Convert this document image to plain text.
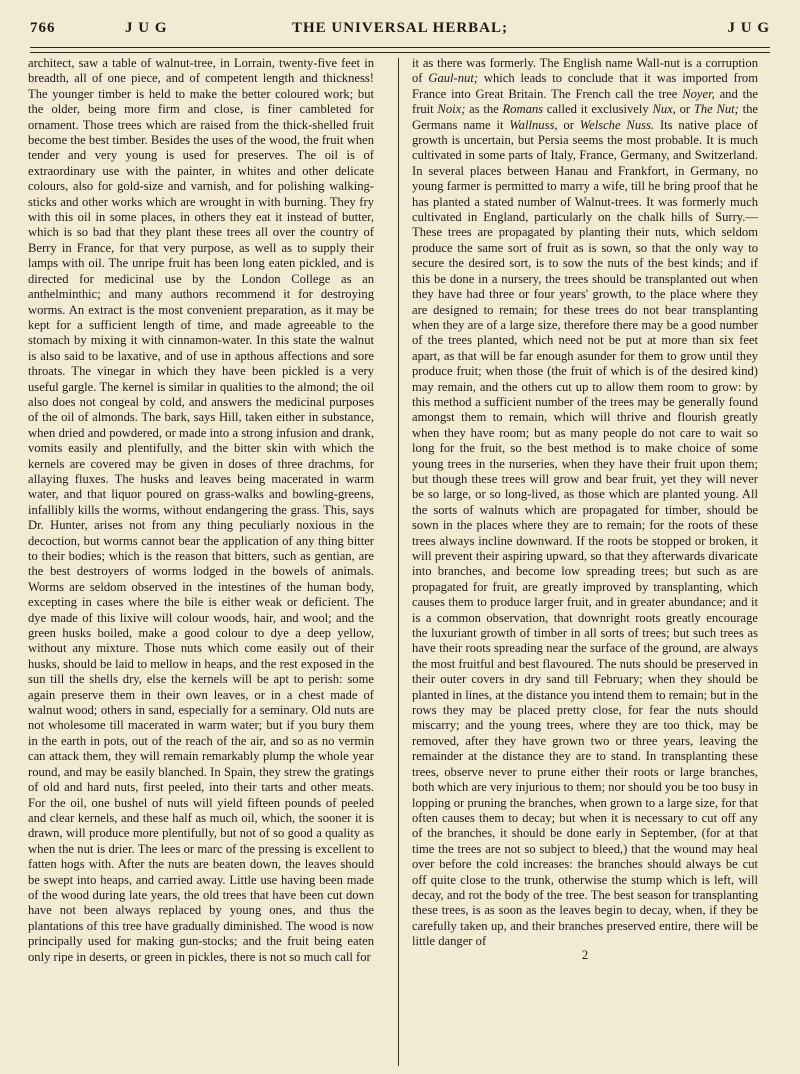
766	J U G	THE UNIVERSAL HERBAL;	J U G

architect, saw a table of walnut-tree, in Lorrain, twenty-five feet in breadth, all of one piece, and of competent length and thickness! The younger timber is held to make the better coloured work; but the older, being more firm and close, is finer cambleted for ornament. Those trees which are raised from the thick-shelled fruit become the best timber. Besides the uses of the wood, the fruit when tender and very young is used for preserves. The oil is of extraordinary use with the painter, in whites and other delicate colours, also for gold-size and varnish, and for polishing walking-sticks and other works which are wrought in with burning. They fry with this oil in some places, in others they eat it instead of butter, which is so bad that they plant these trees all over the country of Berry in France, for that very purpose, as well as to supply their lamps with oil. The unripe fruit has been long eaten pickled, and is directed for medicinal use by the London College as an anthelminthic; and many authors recommend it for destroying worms. An extract is the most convenient preparation, as it may be kept for a sufficient length of time, and made agreeable to the stomach by mixing it with cinnamon-water. In this state the walnut is also said to be laxative, and of use in apthous affections and sore throats. The vinegar in which they have been pickled is a very useful gargle. The kernel is similar in qualities to the almond; the oil also does not congeal by cold, and answers the medicinal purposes of the oil of almonds. The bark, says Hill, taken either in substance, when dried and powdered, or made into a strong infusion and drank, vomits easily and plentifully, and the bitter skin with which the kernels are covered may be given in doses of three drachms, for allaying fluxes. The husks and leaves being macerated in warm water, and that liquor poured on grass-walks and bowling-greens, infallibly kills the worms, without endangering the grass. This, says Dr. Hunter, arises not from any thing peculiarly noxious in the decoction, but worms cannot bear the application of any thing bitter to their bodies; which is the reason that bitters, such as gentian, are the best destroyers of worms lodged in the bowels of animals. Worms are seldom observed in the intestines of the human body, excepting in cases where the bile is either weak or deficient. The dye made of this lixive will colour woods, hair, and wool; and the green husks boiled, make a good colour to dye a deep yellow, without any mixture. Those nuts which come easily out of their husks, should be laid to mellow in heaps, and the rest exposed in the sun till the shells dry, else the kernels will be apt to perish: some again preserve them in their own leaves, or in a chest made of walnut wood; others in sand, especially for a seminary. Old nuts are not wholesome till macerated in warm water; but if you bury them in the earth in pots, out of the reach of the air, and so as no vermin can attack them, they will remain remarkably plump the whole year round, and may be easily blanched. In Spain, they strew the gratings of old and hard nuts, first peeled, into their tarts and other meats. For the oil, one bushel of nuts will yield fifteen pounds of peeled and clear kernels, and these half as much oil, which, the sooner it is drawn, will produce more plentifully, but not of so good a quality as when the nut is drier. The lees or marc of the pressing is excellent to fatten hogs with. After the nuts are beaten down, the leaves should be swept into heaps, and carried away. Little use having been made of the wood during late years, the old trees that have been cut down have not been always replaced by young ones, and thus the plantations of this tree have gradually diminished. The wood is now principally used for making gun-stocks; and the fruit being eaten only ripe in deserts, or green in pickles, there is not so much call for

it as there was formerly. The English name Wall-nut is a corruption of Gaul-nut; which leads to conclude that it was imported from France into Great Britain. The French call the tree Noyer, and the fruit Noix; as the Romans called it exclusively Nux, or The Nut; the Germans name it Wallnuss, or Welsche Nuss. Its native place of growth is uncertain, but Persia seems the most probable. It is much cultivated in some parts of Italy, France, Germany, and Switzerland. In several places between Hanau and Frankfort, in Germany, no young farmer is permitted to marry a wife, till he bring proof that he has planted a stated number of Walnut-trees. It was formerly much cultivated in England, particularly on the chalk hills of Surry.—These trees are propagated by planting their nuts, which seldom produce the same sort of fruit as is sown, so that the only way to secure the desired sort, is to sow the nuts of the best kinds; and if this be done in a nursery, the trees should be transplanted out when they have had three or four years' growth, to the place where they are designed to remain; for these trees do not bear transplanting when they are of a large size, therefore there may be a good number of the trees planted, which need not be put at more than six feet apart, as that will be far enough asunder for them to grow until they produce fruit; when those (the fruit of which is of the desired kind) may remain, and the others cut up to allow them room to grow: by this method a sufficient number of the trees may be generally found amongst them to remain, which will thrive and flourish greatly when they have room; but as many people do not care to wait so long for the fruit, so the best method is to make choice of some young trees in the nurseries, when they have their fruit upon them; but though these trees will grow and bear fruit, yet they will never be so large, or so long-lived, as those which are planted young. All the sorts of walnuts which are propagated for timber, should be sown in the places where they are to remain; for the roots of these trees always incline downward. If the roots be stopped or broken, it will prevent their aspiring upward, so that they afterwards divaricate into branches, and become low spreading trees; but such as are propagated for fruit, are greatly improved by transplanting, which causes them to produce larger fruit, and in greater abundance; and it is a common observation, that downright roots greatly encourage the luxuriant growth of timber in all sorts of trees; but such trees as have their roots spreading near the surface of the ground, are always the most fruitful and best flavoured. The nuts should be preserved in their outer covers in dry sand till February; when they should be planted in lines, at the distance you intend them to remain; but in the rows they may be placed pretty close, for fear the nuts should miscarry; and the young trees, where they are too thick, may be removed, after they have grown two or three years, leaving the remainder at the distance they are to stand. In transplanting these trees, observe never to prune either their roots or large branches, both which are very injurious to them; nor should you be too busy in lopping or pruning the branches, when grown to a large size, for that often causes them to decay; but when it is necessary to cut off any of the branches, it should be done early in September, (for at that time the trees are not so subject to bleed,) that the wound may heal over before the cold increases: the branches should always be cut off quite close to the trunk, otherwise the stump which is left, will decay, and rot the body of the tree. The best season for transplanting these trees, is as soon as the leaves begin to decay, when, if they be carefully taken up, and their branches preserved entire, there will be little danger of

2
